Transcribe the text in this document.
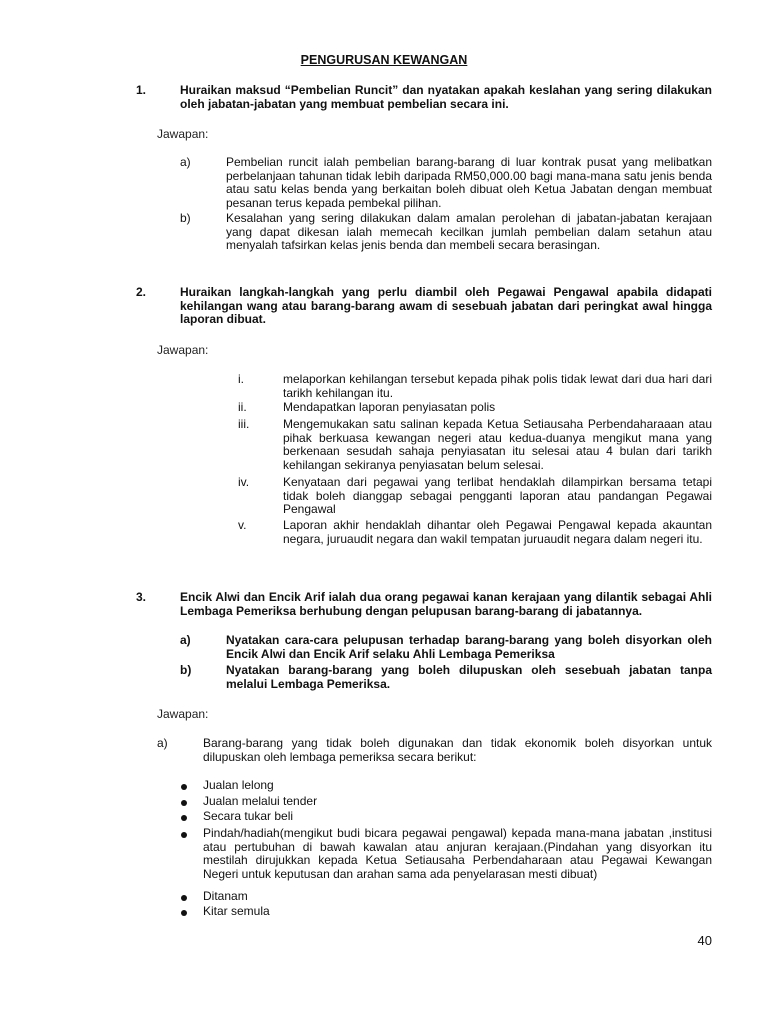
PENGURUSAN KEWANGAN
1.	Huraikan maksud “Pembelian Runcit” dan nyatakan apakah keslahan yang sering dilakukan oleh jabatan-jabatan yang membuat pembelian secara ini.
Jawapan:
a)	Pembelian runcit ialah pembelian barang-barang di luar kontrak pusat yang melibatkan perbelanjaan tahunan tidak lebih daripada RM50,000.00 bagi mana-mana satu jenis benda atau satu kelas benda yang berkaitan boleh dibuat oleh Ketua Jabatan dengan membuat pesanan terus kepada pembekal pilihan.
b)	Kesalahan yang sering dilakukan dalam amalan perolehan di jabatan-jabatan kerajaan yang dapat dikesan ialah memecah kecilkan jumlah pembelian dalam setahun atau menyalah tafsirkan kelas jenis benda dan membeli secara berasingan.
2.	Huraikan langkah-langkah yang perlu diambil oleh Pegawai Pengawal apabila didapati kehilangan wang atau barang-barang awam di sesebuah jabatan dari peringkat awal hingga laporan dibuat.
Jawapan:
i.	melaporkan kehilangan tersebut kepada pihak polis tidak lewat dari dua hari dari tarikh kehilangan itu.
ii.	Mendapatkan laporan penyiasatan polis
iii.	Mengemukakan satu salinan kepada Ketua Setiausaha Perbendaharaaan atau pihak berkuasa kewangan negeri atau kedua-duanya mengikut mana yang berkenaan sesudah sahaja penyiasatan itu selesai atau 4 bulan dari tarikh kehilangan sekiranya penyiasatan belum selesai.
iv.	Kenyataan dari pegawai yang terlibat hendaklah dilampirkan bersama tetapi tidak boleh dianggap sebagai pengganti laporan atau pandangan Pegawai Pengawal
v.	Laporan akhir hendaklah dihantar oleh Pegawai Pengawal kepada akauntan negara, juruaudit negara dan wakil tempatan juruaudit negara dalam negeri itu.
3.	Encik Alwi dan Encik Arif ialah dua orang pegawai kanan kerajaan yang dilantik sebagai Ahli Lembaga Pemeriksa berhubung dengan pelupusan barang-barang di jabatannya.
a)	Nyatakan cara-cara pelupusan terhadap barang-barang yang boleh disyorkan oleh Encik Alwi dan Encik Arif selaku Ahli Lembaga Pemeriksa
b)	Nyatakan barang-barang yang boleh dilupuskan oleh sesebuah jabatan tanpa melalui Lembaga Pemeriksa.
Jawapan:
a)	Barang-barang yang tidak boleh digunakan dan tidak ekonomik boleh disyorkan untuk dilupuskan oleh lembaga pemeriksa secara berikut:
Jualan lelong
Jualan melalui tender
Secara tukar beli
Pindah/hadiah(mengikut budi bicara pegawai pengawal) kepada mana-mana jabatan ,institusi atau pertubuhan di bawah kawalan atau anjuran kerajaan.(Pindahan yang disyorkan itu mestilah dirujukkan kepada Ketua Setiausaha Perbendaharaan atau Pegawai Kewangan Negeri untuk keputusan dan arahan sama ada penyelarasan mesti dibuat)
Ditanam
Kitar semula
40
